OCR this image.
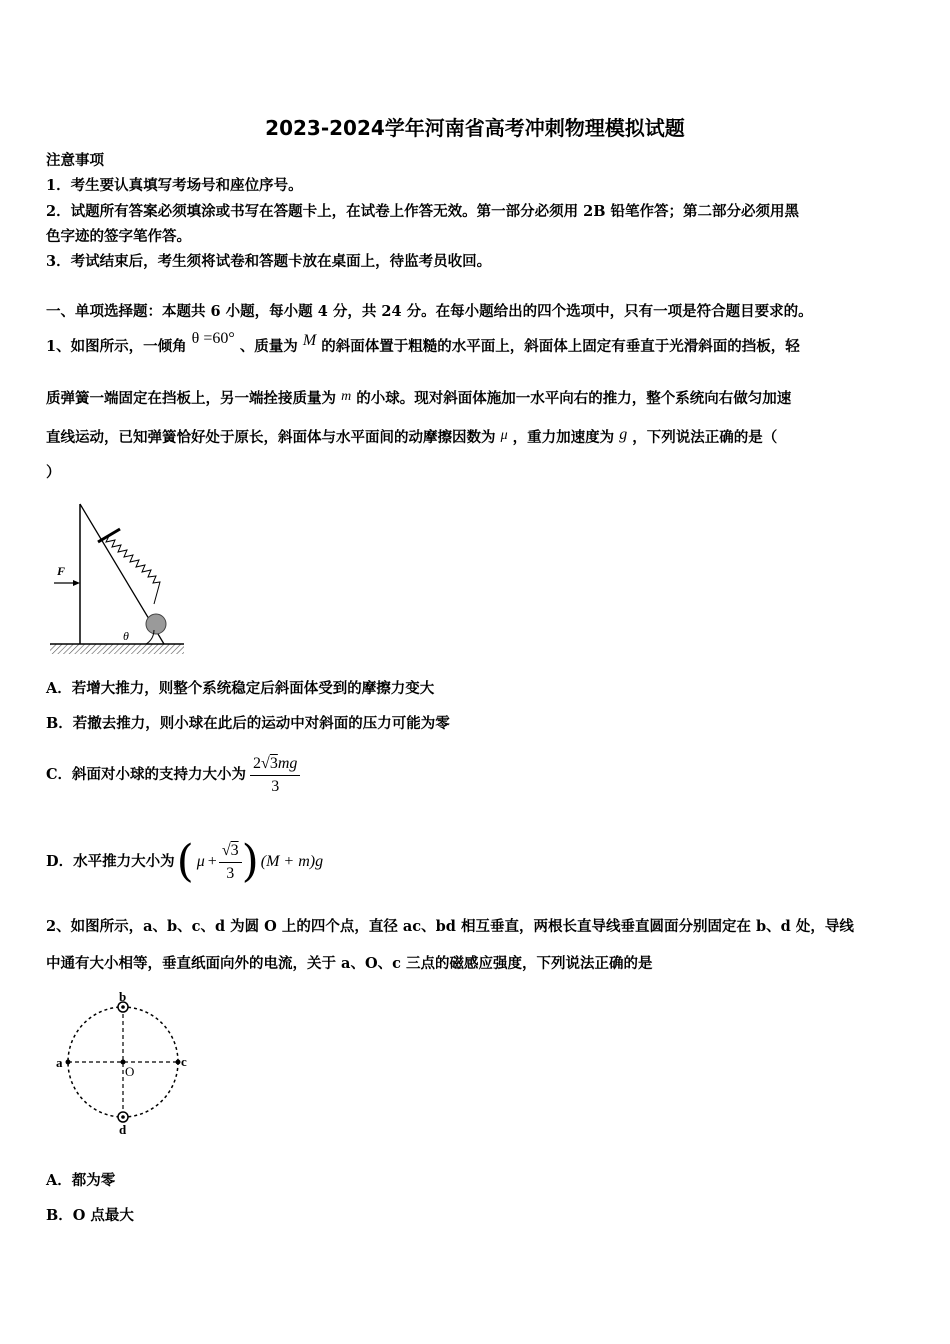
2023-2024学年河南省高考冲刺物理模拟试题
注意事项
1．考生要认真填写考场号和座位序号。
2．试题所有答案必须填涂或书写在答题卡上，在试卷上作答无效。第一部分必须用 2B 铅笔作答；第二部分必须用黑
色字迹的签字笔作答。
3．考试结束后，考生须将试卷和答题卡放在桌面上，待监考员收回。
一、单项选择题：本题共 6 小题，每小题 4 分，共 24 分。在每小题给出的四个选项中，只有一项是符合题目要求的。
1、如图所示，一倾角 θ =60° 、质量为 M 的斜面体置于粗糙的水平面上，斜面体上固定有垂直于光滑斜面的挡板，轻
质弹簧一端固定在挡板上，另一端拴接质量为 m 的小球。现对斜面体施加一水平向右的推力，整个系统向右做匀加速
直线运动，已知弹簧恰好处于原长，斜面体与水平面间的动摩擦因数为 μ ，重力加速度为 g ，下列说法正确的是（
）
θ
F
A．若增大推力，则整个系统稳定后斜面体受到的摩擦力变大
B．若撤去推力，则小球在此后的运动中对斜面的压力可能为零
C．斜面对小球的支持力大小为 $\frac{2√3mg}{3}$
D．水平推力大小为 ( $\mu + \frac{√3}{3}$ ) (M + m)g
2、如图所示，a、b、c、d 为圆 O 上的四个点，直径 ac、bd 相互垂直，两根长直导线垂直圆面分别固定在 b、d 处，导线
中通有大小相等，垂直纸面向外的电流，关于 a、O、c 三点的磁感应强度，下列说法正确的是
a
b
c
d
O
A．都为零
B．O 点最大
